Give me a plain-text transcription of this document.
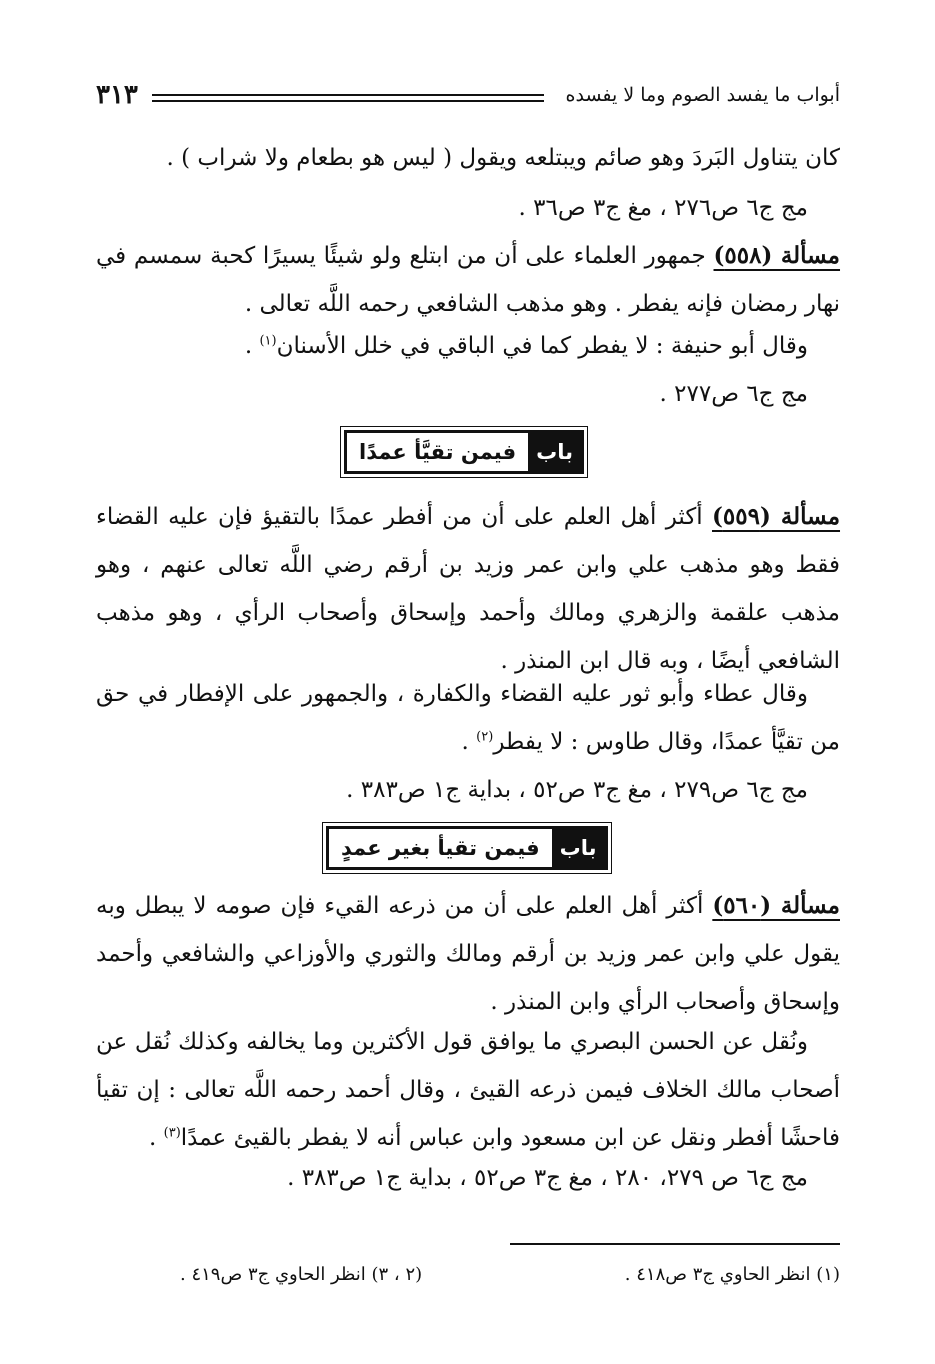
أبواب ما يفسد الصوم وما لا يفسده
٣١٣
كان يتناول البَردَ وهو صائم ويبتلعه ويقول ( ليس هو بطعام ولا شراب ) .
مج ج٦ ص٢٧٦ ، مغ ج٣ ص٣٦ .
مسألة (٥٥٨) جمهور العلماء على أن من ابتلع ولو شيئًا يسيرًا كحبة سمسم في نهار رمضان فإنه يفطر . وهو مذهب الشافعي رحمه اللَّه تعالى .
وقال أبو حنيفة : لا يفطر كما في الباقي في خلل الأسنان$^{(١)}$ .
مج ج٦ ص٢٧٧ .
باب
فيمن تقيَّأ عمدًا
مسألة (٥٥٩) أكثر أهل العلم على أن من أفطر عمدًا بالتقيؤ فإن عليه القضاء فقط وهو مذهب علي وابن عمر وزيد بن أرقم رضي اللَّه تعالى عنهم ، وهو مذهب علقمة والزهري ومالك وأحمد وإسحاق وأصحاب الرأي ، وهو مذهب الشافعي أيضًا ، وبه قال ابن المنذر .
وقال عطاء وأبو ثور عليه القضاء والكفارة ، والجمهور على الإفطار في حق من تقيَّأ عمدًا، وقال طاوس : لا يفطر$^{(٢)}$ .
مج ج٦ ص٢٧٩ ، مغ ج٣ ص٥٢ ، بداية ج١ ص٣٨٣ .
باب
فيمن تقيأ بغير عمدٍ
مسألة (٥٦٠) أكثر أهل العلم على أن من ذرعه القيء فإن صومه لا يبطل وبه يقول علي وابن عمر وزيد بن أرقم ومالك والثوري والأوزاعي والشافعي وأحمد وإسحاق وأصحاب الرأي وابن المنذر .
ونُقل عن الحسن البصري ما يوافق قول الأكثرين وما يخالفه وكذلك نُقل عن أصحاب مالك الخلاف فيمن ذرعه القيئ ، وقال أحمد رحمه اللَّه تعالى : إن تقيأ فاحشًا أفطر ونقل عن ابن مسعود وابن عباس أنه لا يفطر بالقيئ عمدًا$^{(٣)}$ .
مج ج٦ ص ٢٧٩، ٢٨٠ ، مغ ج٣ ص٥٢ ، بداية ج١ ص٣٨٣ .
(١) انظر الحاوي ج٣ ص٤١٨ .
(٢ ، ٣) انظر الحاوي ج٣ ص٤١٩ .
